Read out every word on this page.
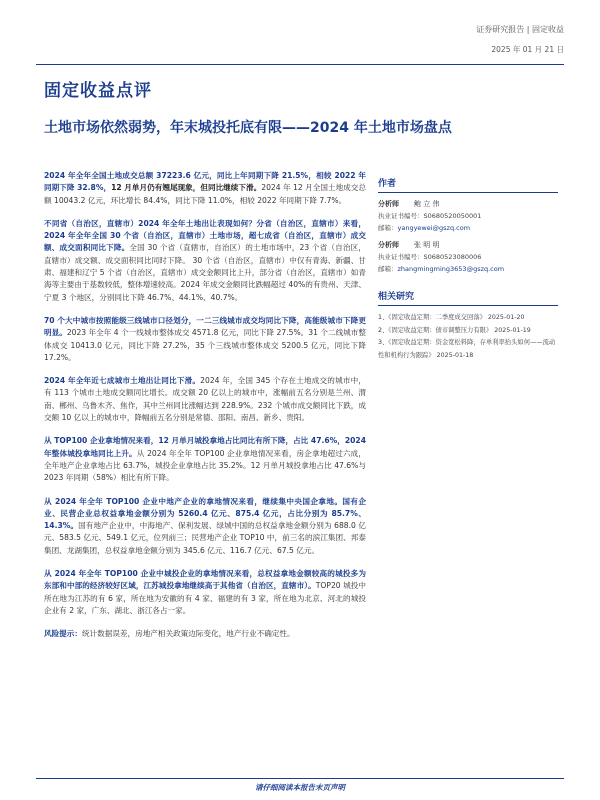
证券研究报告 | 固定收益
2025 年 01 月 21 日
固定收益点评
土地市场依然弱势，年末城投托底有限——2024 年土地市场盘点

2024 年全年全国土地成交总额 37223.6 亿元，同比上年同期下降 21.5%，相较 2022 年同期下降 32.8%，12 月单月仍有翘尾现象，但同比继续下滑。2024 年 12 月全国土地成交总额 10043.2 亿元，环比增长 84.4%，同比下降 11.0%，相较 2022 年同期下降 7.7%。

不同省（自治区，直辖市）2024 年全年土地出让表现如何？分省（自治区，直辖市）来看，2024 年全年全国 30 个省（自治区，直辖市）土地市场，超七成省（自治区，直辖市）成交额、成交面积同比下降。全国 30 个省（直辖市，自治区）的土地市场中，23 个省（自治区，直辖市）成交额、成交面积同比同时下降。 30 个省（自治区，直辖市）中仅有青海、新疆、甘肃、福建和辽宁 5 个省（自治区，直辖市）成交金额同比上升，部分省（自治区，直辖市）如青海等主要由于基数较低，整体增速较高。2024 年成交金额同比跌幅超过 40%的有贵州、天津、宁夏 3 个地区，分别同比下降 46.7%、44.1%、40.7%。

70 个大中城市按照能级三线城市口径划分，一二三线城市成交均同比下降，高能级城市下降更明显。2023 年全年 4 个一线城市整体成交 4571.8 亿元，同比下降 27.5%。31 个二线城市整体成交 10413.0 亿元，同比下降 27.2%，35 个三线城市整体成交 5200.5 亿元，同比下降 17.2%。

2024 年全年近七成城市土地出让同比下滑。2024 年，全国 345 个存在土地成交的城市中，有 113 个城市土地成交额同比增长。成交额 20 亿以上的城市中，涨幅前五名分别是兰州、渭南、郴州、乌鲁木齐、焦作，其中兰州同比涨幅达到 228.9%。232 个城市成交额同比下跌，成交额 10 亿以上的城市中，降幅前五名分别是常德、邵阳、南昌、新乡、贵阳。

从 TOP100 企业拿地情况来看，12 月单月城投拿地占比同比有所下降，占比 47.6%，2024 年整体城投拿地同比上升。从 2024 年全年 TOP100 企业拿地情况来看，房企拿地超过六成，全年地产企业拿地占比 63.7%，城投企业拿地占比 35.2%。12 月单月城投拿地占比 47.6%与 2023 年同期（58%）相比有所下降。

从 2024 年全年 TOP100 企业中地产企业的拿地情况来看，继续集中央国企拿地。国有企业、民营企业总权益拿地金额分别为 5260.4 亿元、875.4 亿元，占比分别为 85.7%、14.3%。国有地产企业中，中海地产、保利发展、绿城中国的总权益拿地金额分别为 688.0 亿元、583.5 亿元、549.1 亿元，位列前三；民营地产企业 TOP10 中，前三名的滨江集团、邦泰集团、龙湖集团，总权益拿地金额分别为 345.6 亿元、116.7 亿元、67.5 亿元。

从 2024 年全年 TOP100 企业中城投企业的拿地情况来看，总权益拿地金额较高的城投多为东部和中部的经济较好区域，江苏城投拿地继续高于其他省（自治区，直辖市）。TOP20 城投中所在地为江苏的有 6 家，所在地为安徽的有 4 家、福建的有 3 家，所在地为北京、河北的城投企业有 2 家，广东、湖北、浙江各占一家。

风险提示：统计数据误差，房地产相关政策边际变化，地产行业不确定性。

作者
分析师 鲍 立 伟
执业证书编号：S0680520050001
邮箱：yangyewei@gszq.com
分析师 张 明 明
执业证书编号：S0680523080006
邮箱：zhangmingming3653@gszq.com
相关研究
1、《固定收益定期：二季度成交回落》 2025-01-20
2、《固定收益定期：债市调整压力有限》 2025-01-19
3、《固定收益定期：资金宽松料降，存单利率抬头如何——流动性和机构行为跟踪》 2025-01-18
请仔细阅读本报告末页声明
